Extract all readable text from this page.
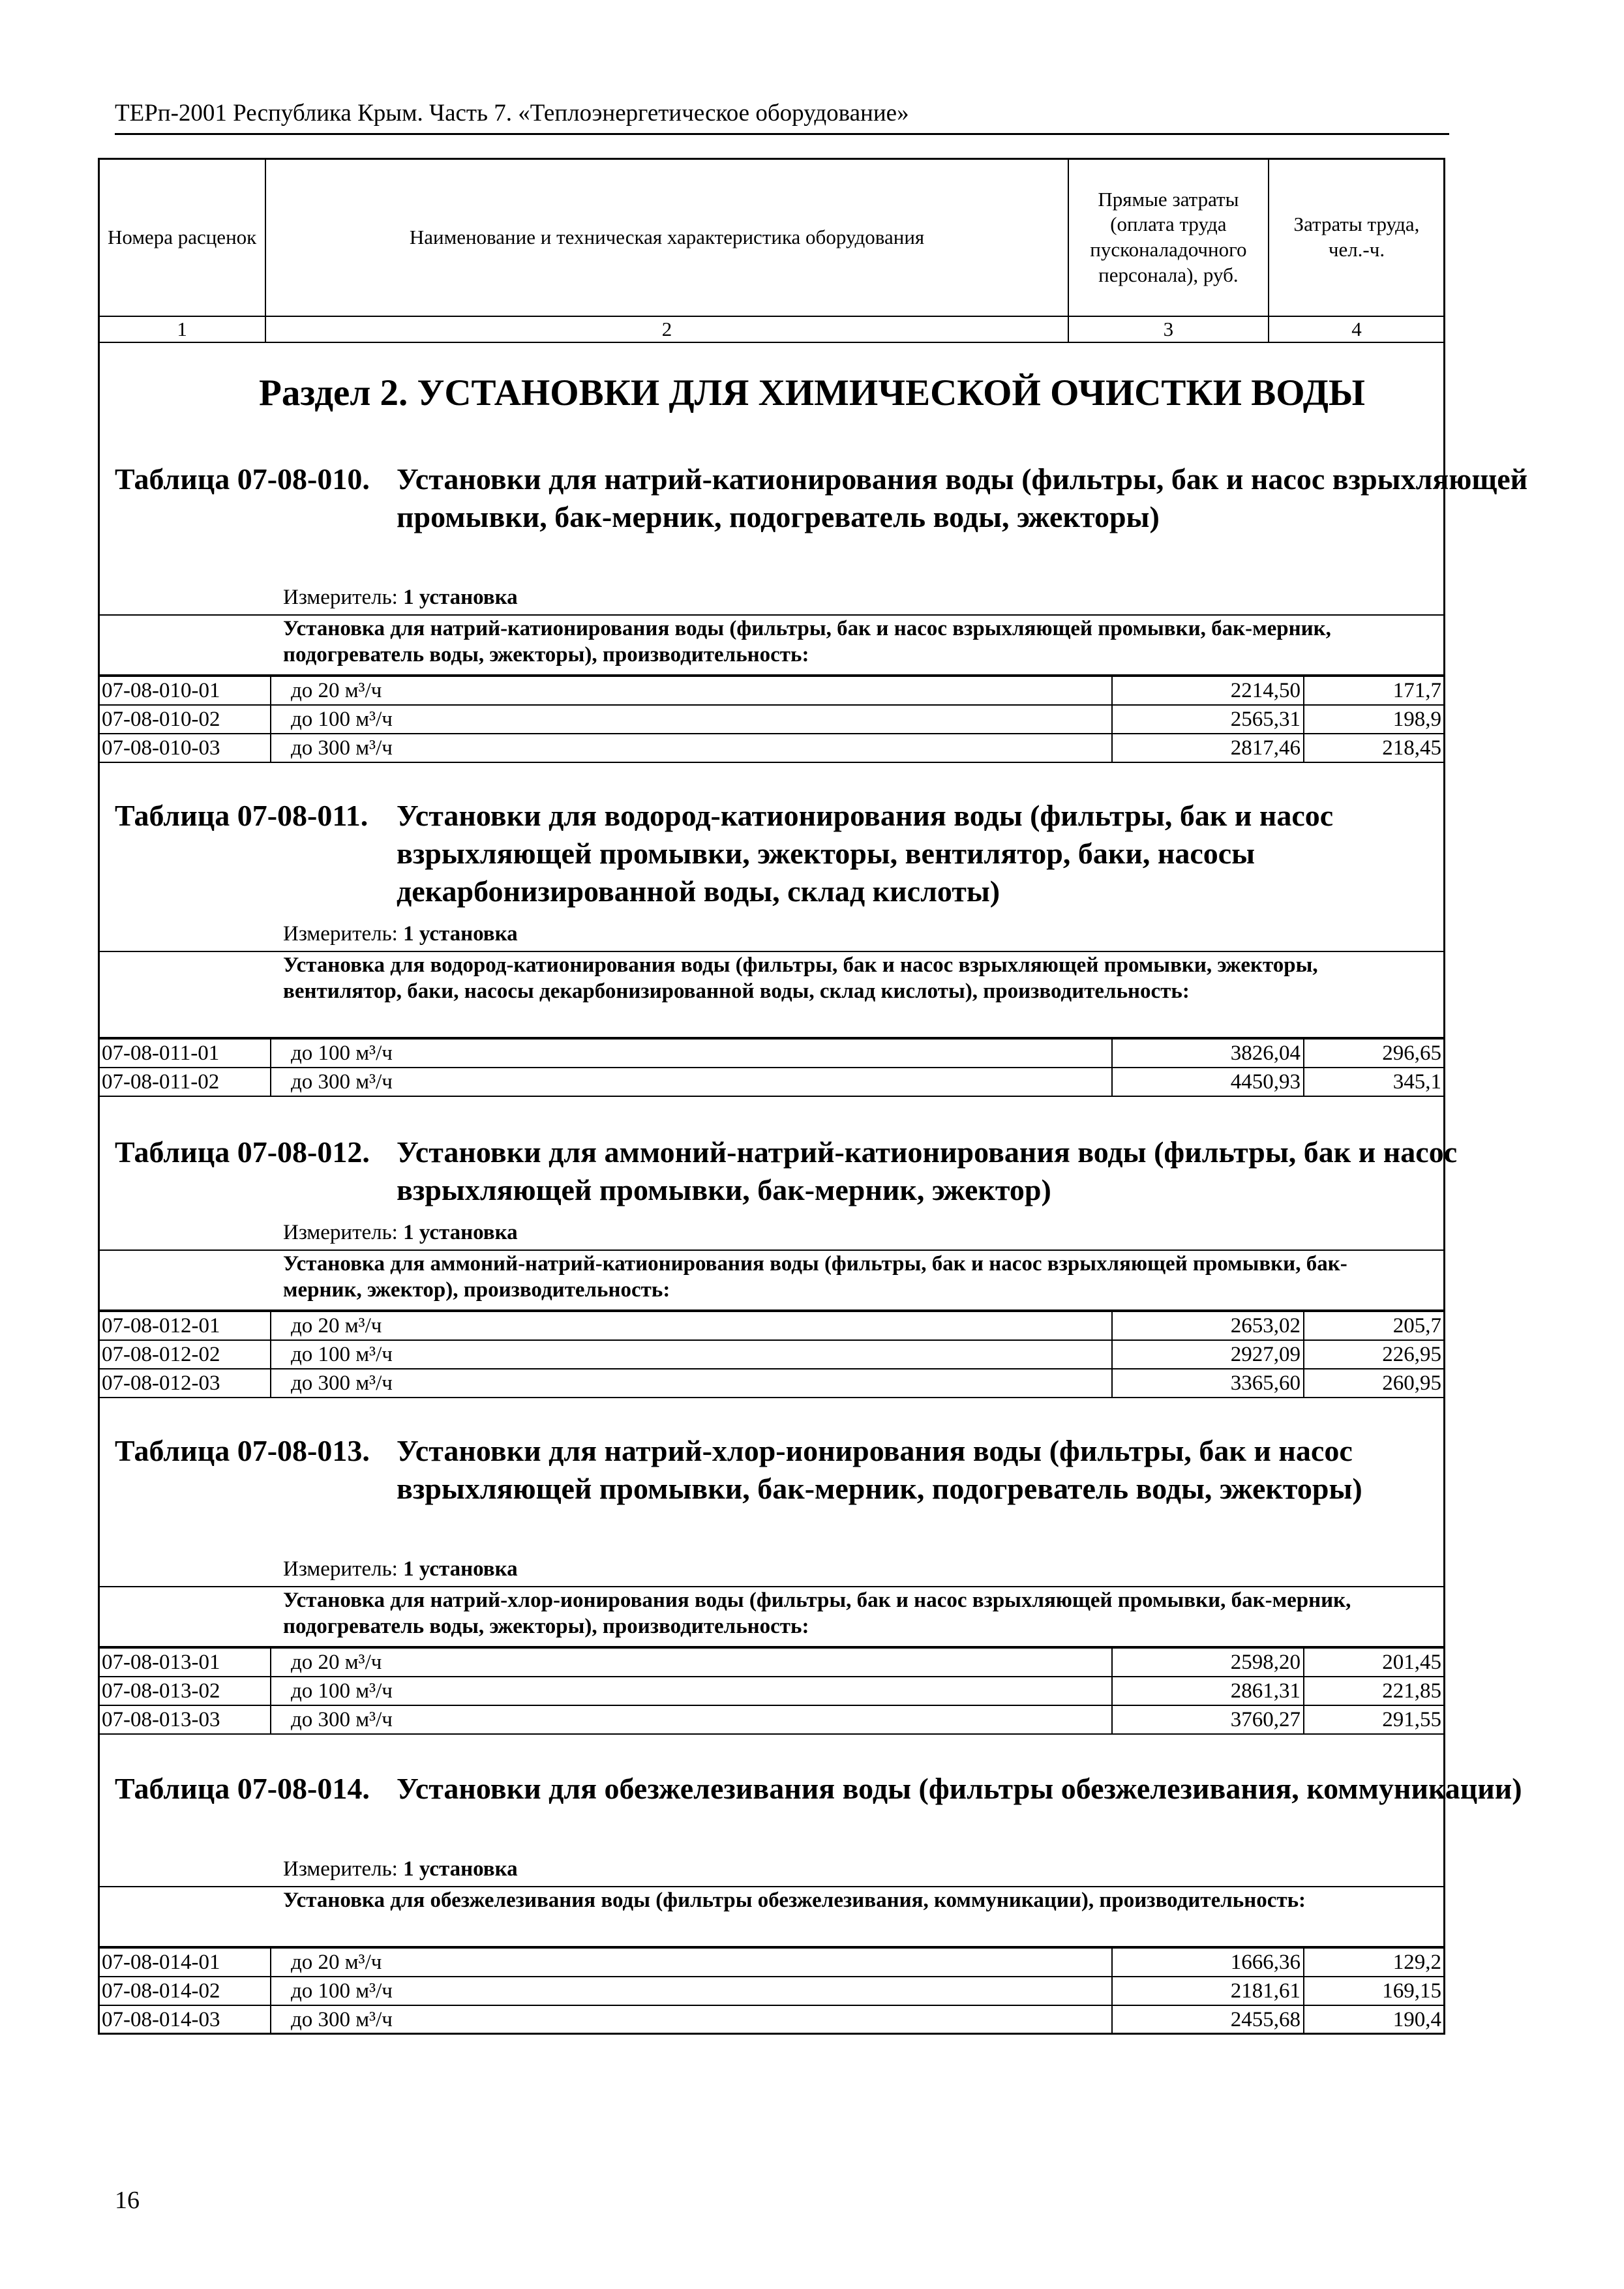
ТЕРп-2001 Республика Крым. Часть 7. «Теплоэнергетическое оборудование»
Номера расценок	Наименование и техническая характеристика оборудования	Прямые затраты (оплата труда пусконаладочного персонала), руб.	Затраты труда, чел.-ч.
1	2	3	4
Раздел 2. УСТАНОВКИ ДЛЯ ХИМИЧЕСКОЙ ОЧИСТКИ ВОДЫ
Таблица 07-08-010. Установки для натрий-катионирования воды (фильтры, бак и насос взрыхляющей промывки, бак-мерник, подогреватель воды, эжекторы)
Измеритель: 1 установка
Установка для натрий-катионирования воды (фильтры, бак и насос взрыхляющей промывки, бак-мерник, подогреватель воды, эжекторы), производительность:
07-08-010-01	до 20 м³/ч	2214,50	171,7
07-08-010-02	до 100 м³/ч	2565,31	198,9
07-08-010-03	до 300 м³/ч	2817,46	218,45
Таблица 07-08-011. Установки для водород-катионирования воды (фильтры, бак и насос взрыхляющей промывки, эжекторы, вентилятор, баки, насосы декарбонизированной воды, склад кислоты)
Измеритель: 1 установка
Установка для водород-катионирования воды (фильтры, бак и насос взрыхляющей промывки, эжекторы, вентилятор, баки, насосы декарбонизированной воды, склад кислоты), производительность:
07-08-011-01	до 100 м³/ч	3826,04	296,65
07-08-011-02	до 300 м³/ч	4450,93	345,1
Таблица 07-08-012. Установки для аммоний-натрий-катионирования воды (фильтры, бак и насос взрыхляющей промывки, бак-мерник, эжектор)
Измеритель: 1 установка
Установка для аммоний-натрий-катионирования воды (фильтры, бак и насос взрыхляющей промывки, бак-мерник, эжектор), производительность:
07-08-012-01	до 20 м³/ч	2653,02	205,7
07-08-012-02	до 100 м³/ч	2927,09	226,95
07-08-012-03	до 300 м³/ч	3365,60	260,95
Таблица 07-08-013. Установки для натрий-хлор-ионирования воды (фильтры, бак и насос взрыхляющей промывки, бак-мерник, подогреватель воды, эжекторы)
Измеритель: 1 установка
Установка для натрий-хлор-ионирования воды (фильтры, бак и насос взрыхляющей промывки, бак-мерник, подогреватель воды, эжекторы), производительность:
07-08-013-01	до 20 м³/ч	2598,20	201,45
07-08-013-02	до 100 м³/ч	2861,31	221,85
07-08-013-03	до 300 м³/ч	3760,27	291,55
Таблица 07-08-014. Установки для обезжелезивания воды (фильтры обезжелезивания, коммуникации)
Измеритель: 1 установка
Установка для обезжелезивания воды (фильтры обезжелезивания, коммуникации), производительность:
07-08-014-01	до 20 м³/ч	1666,36	129,2
07-08-014-02	до 100 м³/ч	2181,61	169,15
07-08-014-03	до 300 м³/ч	2455,68	190,4
16
